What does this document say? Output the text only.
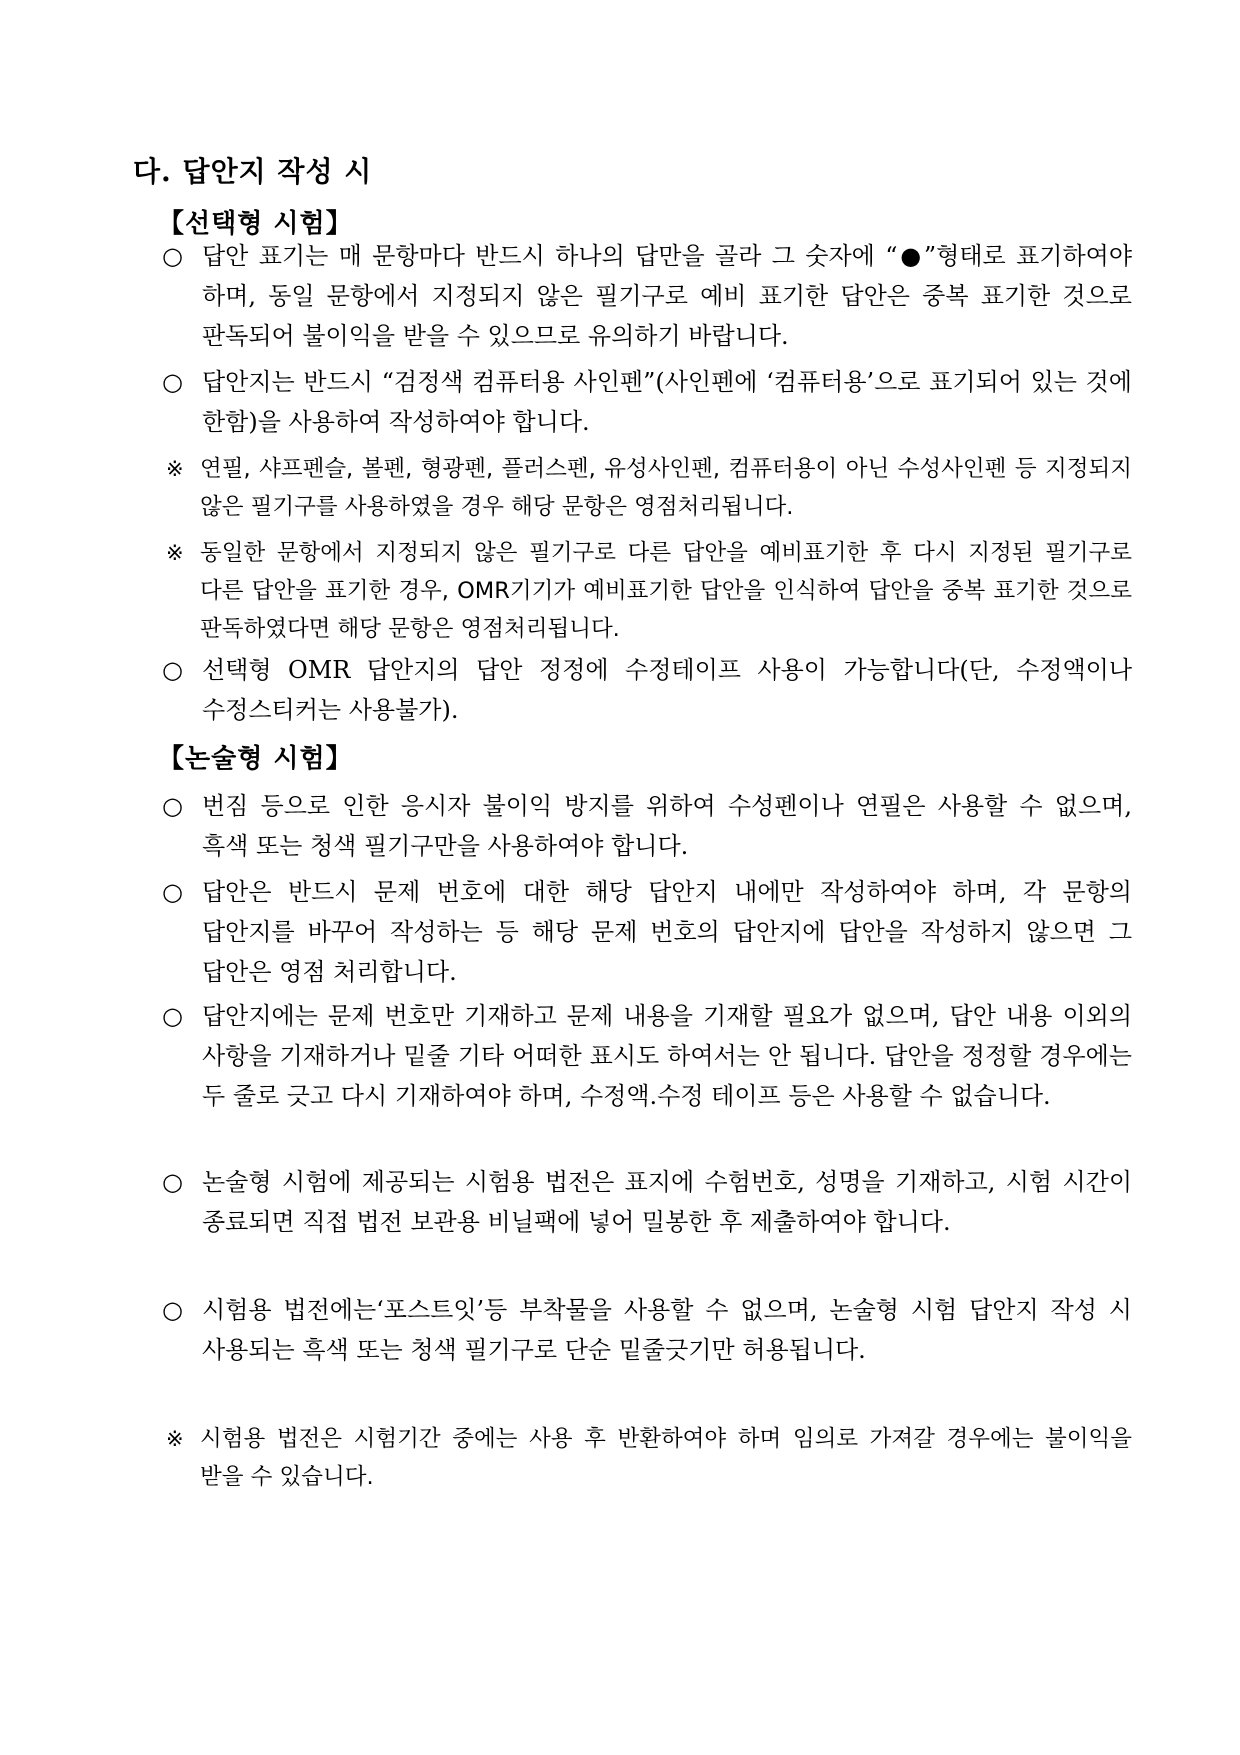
다. 답안지 작성 시
【선택형 시험】
○ 답안 표기는 매 문항마다 반드시 하나의 답만을 골라 그 숫자에 “●”형태로 표기하여야 하며, 동일 문항에서 지정되지 않은 필기구로 예비 표기한 답안은 중복 표기한 것으로 판독되어 불이익을 받을 수 있으므로 유의하기 바랍니다.
○ 답안지는 반드시 “검정색 컴퓨터용 사인펜”(사인펜에 ‘컴퓨터용’으로 표기되어 있는 것에 한함)을 사용하여 작성하여야 합니다.
※ 연필, 샤프펜슬, 볼펜, 형광펜, 플러스펜, 유성사인펜, 컴퓨터용이 아닌 수성사인펜 등 지정되지 않은 필기구를 사용하였을 경우 해당 문항은 영점처리됩니다.
※ 동일한 문항에서 지정되지 않은 필기구로 다른 답안을 예비표기한 후 다시 지정된 필기구로 다른 답안을 표기한 경우, OMR기기가 예비표기한 답안을 인식하여 답안을 중복 표기한 것으로 판독하였다면 해당 문항은 영점처리됩니다.
○ 선택형 OMR 답안지의 답안 정정에 수정테이프 사용이 가능합니다(단, 수정액이나 수정스티커는 사용불가).
【논술형 시험】
○ 번짐 등으로 인한 응시자 불이익 방지를 위하여 수성펜이나 연필은 사용할 수 없으며, 흑색 또는 청색 필기구만을 사용하여야 합니다.
○ 답안은 반드시 문제 번호에 대한 해당 답안지 내에만 작성하여야 하며, 각 문항의 답안지를 바꾸어 작성하는 등 해당 문제 번호의 답안지에 답안을 작성하지 않으면 그 답안은 영점 처리합니다.
○ 답안지에는 문제 번호만 기재하고 문제 내용을 기재할 필요가 없으며, 답안 내용 이외의 사항을 기재하거나 밑줄 기타 어떠한 표시도 하여서는 안 됩니다. 답안을 정정할 경우에는 두 줄로 긋고 다시 기재하여야 하며, 수정액.수정 테이프 등은 사용할 수 없습니다.
○ 논술형 시험에 제공되는 시험용 법전은 표지에 수험번호, 성명을 기재하고, 시험 시간이 종료되면 직접 법전 보관용 비닐팩에 넣어 밀봉한 후 제출하여야 합니다.
○ 시험용 법전에는‘포스트잇’등 부착물을 사용할 수 없으며, 논술형 시험 답안지 작성 시 사용되는 흑색 또는 청색 필기구로 단순 밑줄긋기만 허용됩니다.
※ 시험용 법전은 시험기간 중에는 사용 후 반환하여야 하며 임의로 가져갈 경우에는 불이익을 받을 수 있습니다.
